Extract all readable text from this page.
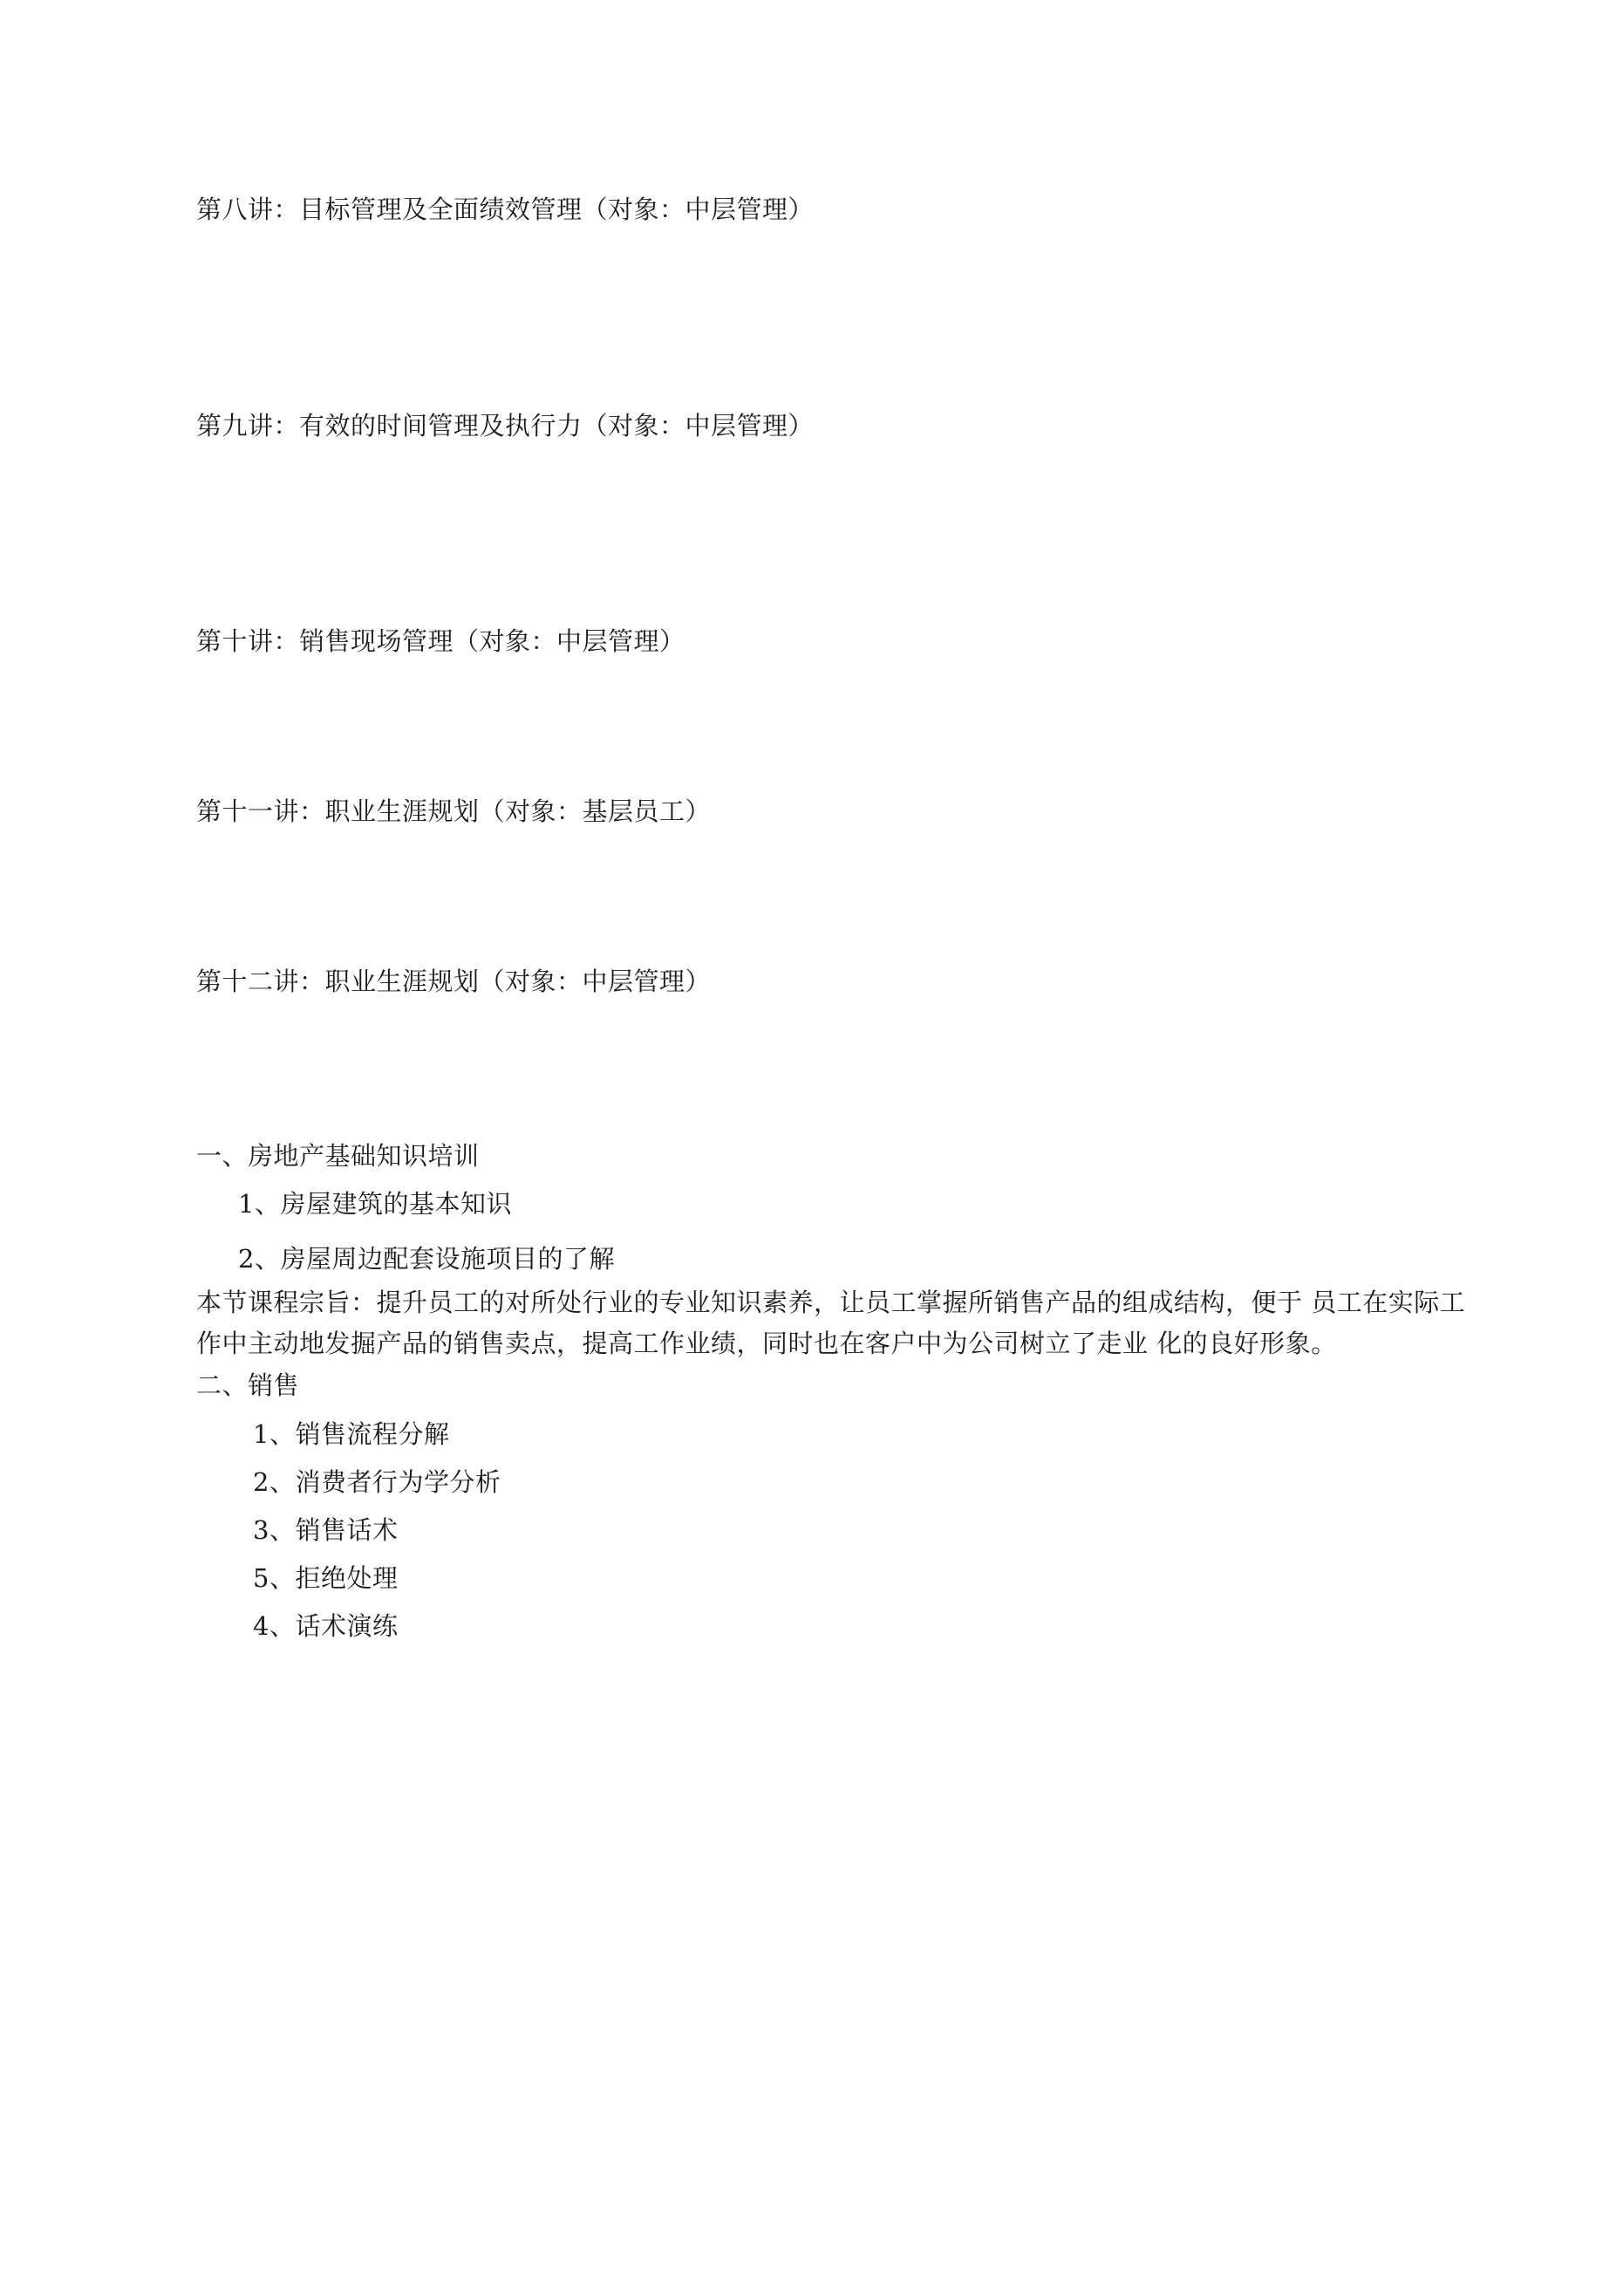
第八讲：目标管理及全面绩效管理（对象：中层管理）

第九讲：有效的时间管理及执行力（对象：中层管理）

第十讲：销售现场管理（对象：中层管理）

第十一讲：职业生涯规划（对象：基层员工）

第十二讲：职业生涯规划（对象：中层管理）

一、房地产基础知识培训

1、房屋建筑的基本知识

2、房屋周边配套设施项目的了解

本节课程宗旨：提升员工的对所处行业的专业知识素养，让员工掌握所销售产品的组成结构，便于 员工在实际工

作中主动地发掘产品的销售卖点，提高工作业绩，同时也在客户中为公司树立了走业 化的良好形象。

二、销售

1、销售流程分解

2、消费者行为学分析

3、销售话术

5、拒绝处理

4、话术演练
